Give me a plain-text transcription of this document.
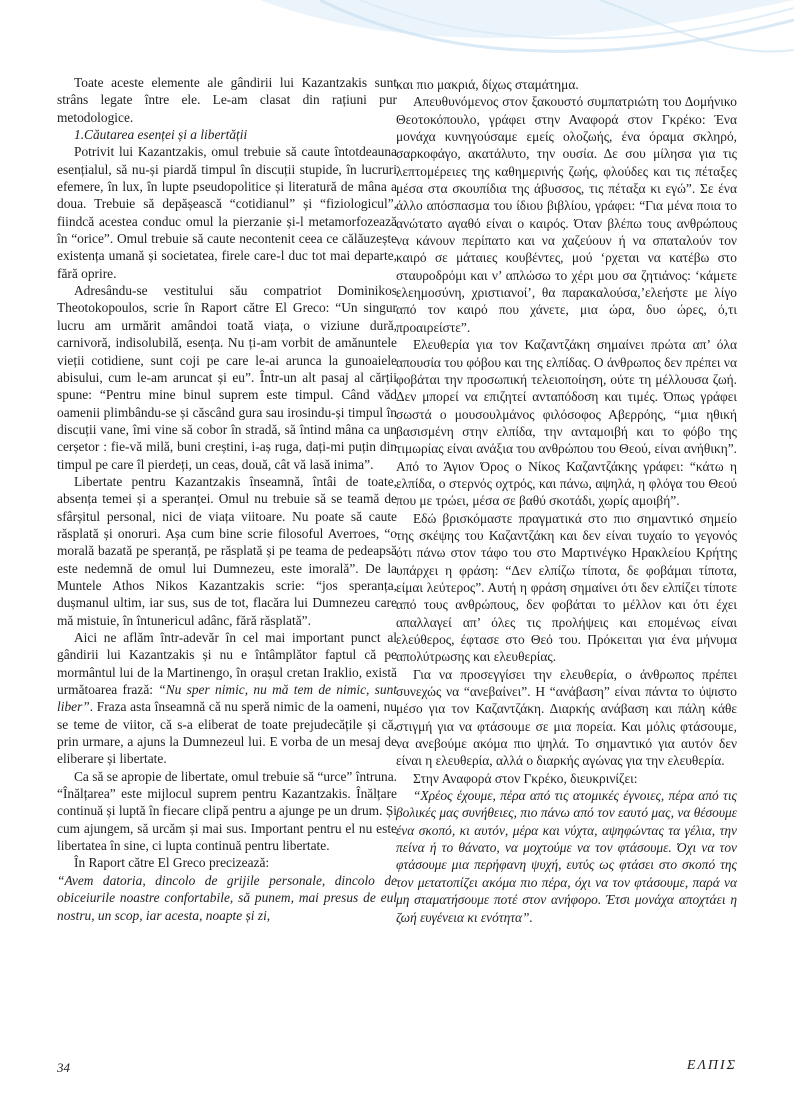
Toate aceste elemente ale gândirii lui Kazantzakis sunt strâns legate între ele. Le-am clasat din rațiuni pur metodologice.

1.Căutarea esenței și a libertății

Potrivit lui Kazantzakis, omul trebuie să caute întotdeauna esențialul, să nu-și piardă timpul în discuții stupide, în lucruri efemere, în lux, în lupte pseudopolitice și literatură de mâna a doua. Trebuie să depășească “cotidianul” și “fiziologicul”, fiindcă acestea conduc omul la pierzanie și-l metamorfozează în “orice”. Omul trebuie să caute necontenit ceea ce călăuzește existența umană și societatea, firele care-l duc tot mai departe, fără oprire.

Adresându-se vestitului său compatriot Dominikos Theotokopoulos, scrie în Raport către El Greco: “Un singur lucru am urmărit amândoi toată viața, o viziune dură, carnivoră, indisolubilă, esența. Nu ți-am vorbit de amănuntele vieții cotidiene, sunt coji pe care le-ai arunca la gunoaiele abisului, cum le-am aruncat și eu”. Într-un alt pasaj al cărții spune: “Pentru mine binul suprem este timpul. Când văd oamenii plimbându-se și căscând gura sau irosindu-și timpul în discuții vane, îmi vine să cobor în stradă, să întind mâna ca un cerșetor : fie-vă milă, buni creștini, i-aș ruga, dați-mi puțin din timpul pe care îl pierdeți, un ceas, două, cât vă lasă inima”.

Libertate pentru Kazantzakis înseamnă, întâi de toate, absența temei și a speranței. Omul nu trebuie să se teamă de sfârșitul personal, nici de viața viitoare. Nu poate să caute răsplată și onoruri. Așa cum bine scrie filosoful Averroes, “o morală bazată pe speranță, pe răsplată și pe teama de pedeapsă este nedemnă de omul lui Dumnezeu, este imorală”. De la Muntele Athos Nikos Kazantzakis scrie: “jos speranța, dușmanul ultim, iar sus, sus de tot, flacăra lui Dumnezeu care mă mistuie, în întunericul adânc, fără răsplată”.

Aici ne aflăm într-adevăr în cel mai important punct al gândirii lui Kazantzakis și nu e întâmplător faptul că pe mormântul lui de la Martinengo, în orașul cretan Iraklio, există următoarea frază: “Nu sper nimic, nu mă tem de nimic, sunt liber”. Fraza asta înseamnă că nu speră nimic de la oameni, nu se teme de viitor, că s-a eliberat de toate prejudecățile și că, prin urmare, a ajuns la Dumnezeul lui. E vorba de un mesaj de eliberare și libertate.

Ca să se apropie de libertate, omul trebuie să “urce” întruna. “Înălțarea” este mijlocul suprem pentru Kazantzakis. Înălțare continuă și luptă în fiecare clipă pentru a ajunge pe un drum. Și cum ajungem, să urcăm și mai sus. Important pentru el nu este libertatea în sine, ci lupta continuă pentru libertate.

În Raport către El Greco precizează:

“Avem datoria, dincolo de grijile personale, dincolo de obiceiurile noastre confortabile, să punem, mai presus de eul nostru, un scop, iar acesta, noapte și zi,

και πιο μακριά, δίχως σταμάτημα.

Απευθυνόμενος στον ξακουστό συμπατριώτη του Δομήνικο Θεοτοκόπουλο, γράφει στην Αναφορά στον Γκρέκο: Ένα μονάχα κυνηγούσαμε εμείς ολοζωής, ένα όραμα σκληρό, σαρκοφάγο, ακατάλυτο, την ουσία. Δε σου μίλησα για τις λεπτομέρειες της καθημερινής ζωής, φλούδες και τις πέταξες μέσα στα σκουπίδια της άβυσσος, τις πέταξα κι εγώ”. Σε ένα άλλο απόσπασμα του ίδιου βιβλίου, γράφει: “Για μένα ποια το ανώτατο αγαθό είναι ο καιρός. Όταν βλέπω τους ανθρώπους να κάνουν περίπατο και να χαζεύουν ή να σπαταλούν τον καιρό σε μάταιες κουβέντες, μού ‘ρχεται να κατέβω στο σταυροδρόμι και ν’ απλώσω το χέρι μου σα ζητιάνος: ‘κάμετε ελεημοσύνη, χριστιανοί’, θα παρακαλούσα,’ελεήστε με λίγο από τον καιρό που χάνετε, μια ώρα, δυο ώρες, ό,τι προαιρείστε”.

Ελευθερία για τον Καζαντζάκη σημαίνει πρώτα απ’ όλα απουσία του φόβου και της ελπίδας. Ο άνθρωπος δεν πρέπει να φοβάται την προσωπική τελειοποίηση, ούτε τη μέλλουσα ζωή. Δεν μπορεί να επιζητεί ανταπόδοση και τιμές. Όπως γράφει σωστά ο μουσουλμάνος φιλόσοφος Αβερρόης, “μια ηθική βασισμένη στην ελπίδα, την ανταμοιβή και το φόβο της τιμωρίας είναι ανάξια του ανθρώπου του Θεού, είναι ανήθικη”. Από το Άγιον Όρος ο Νίκος Καζαντζάκης γράφει: “κάτω η ελπίδα, ο στερνός οχτρός, και πάνω, αψηλά, η φλόγα του Θεού που με τρώει, μέσα σε βαθύ σκοτάδι, χωρίς αμοιβή”.

Εδώ βρισκόμαστε πραγματικά στο πιο σημαντικό σημείο της σκέψης του Καζαντζάκη και δεν είναι τυχαίο το γεγονός ότι πάνω στον τάφο του στο Μαρτινέγκο Ηρακλείου Κρήτης υπάρχει η φράση: “Δεν ελπίζω τίποτα, δε φοβάμαι τίποτα, είμαι λεύτερος”. Αυτή η φράση σημαίνει ότι δεν ελπίζει τίποτε από τους ανθρώπους, δεν φοβάται το μέλλον και ότι έχει απαλλαγεί απ’ όλες τις προλήψεις και επομένως είναι ελεύθερος, έφτασε στο Θεό του. Πρόκειται για ένα μήνυμα απολύτρωσης και ελευθερίας.

Για να προσεγγίσει την ελευθερία, ο άνθρωπος πρέπει συνεχώς να “ανεβαίνει”. Η “ανάβαση” είναι πάντα το ύψιστο μέσο για τον Καζαντζάκη. Διαρκής ανάβαση και πάλη κάθε στιγμή για να φτάσουμε σε μια πορεία. Και μόλις φτάσουμε, να ανεβούμε ακόμα πιο ψηλά. Το σημαντικό για αυτόν δεν είναι η ελευθερία, αλλά ο διαρκής αγώνας για την ελευθερία.

Στην Αναφορά στον Γκρέκο, διευκρινίζει:

“Χρέος έχουμε, πέρα από τις ατομικές έγνοιες, πέρα από τις βολικές μας συνήθειες, πιο πάνω από τον εαυτό μας, να θέσουμε ένα σκοπό, κι αυτόν, μέρα και νύχτα, αψηφώντας τα γέλια, την πείνα ή το θάνατο, να μοχτούμε να τον φτάσουμε. Όχι να τον φτάσουμε μια περήφανη ψυχή, ευτύς ως φτάσει στο σκοπό της τον μετατοπίζει ακόμα πιο πέρα, όχι να τον φτάσουμε, παρά να μη σταματήσουμε ποτέ στον ανήφορο. Έτσι μονάχα αποχτάει η ζωή ευγένεια κι ενότητα”.

34	ΕΛΠΙΣ
